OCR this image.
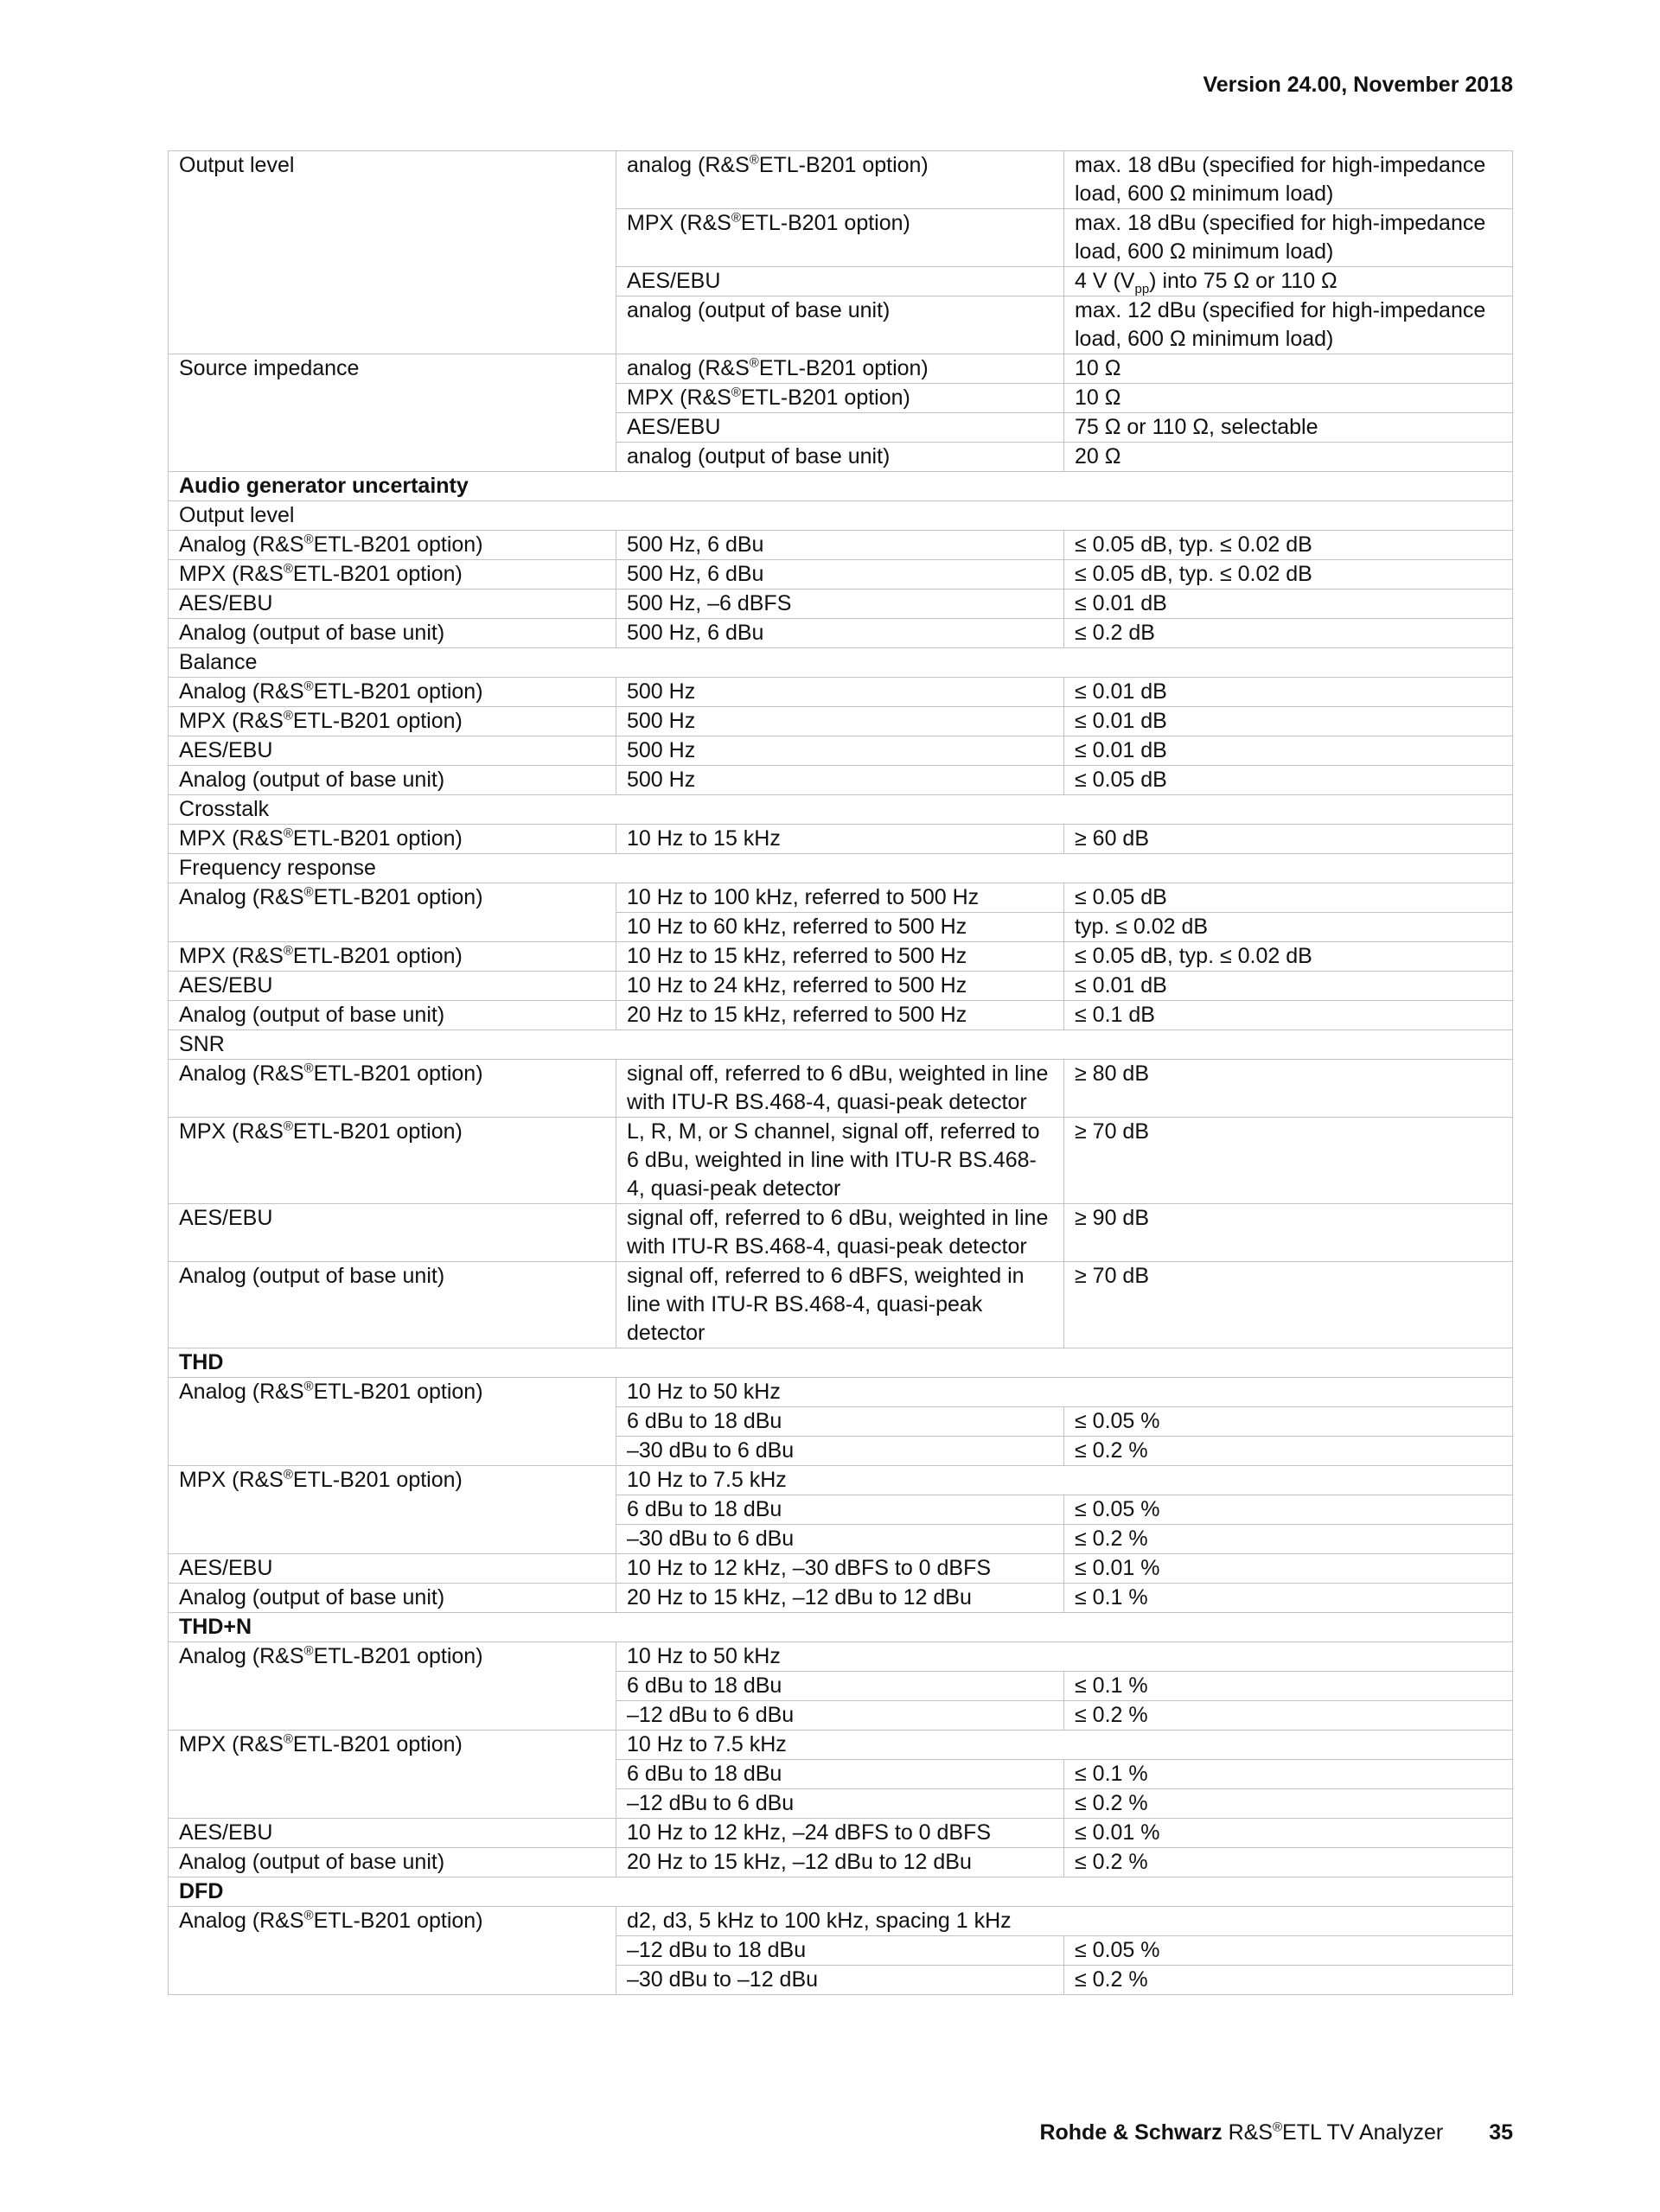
Version 24.00, November 2018
Output level	analog (R&S®ETL-B201 option)	max. 18 dBu (specified for high-impedance load, 600 Ω minimum load)
	MPX (R&S®ETL-B201 option)	max. 18 dBu (specified for high-impedance load, 600 Ω minimum load)
	AES/EBU	4 V $(V_{pp})$ into 75 Ω or 110 Ω
	analog (output of base unit)	max. 12 dBu (specified for high-impedance load, 600 Ω minimum load)
Source impedance	analog (R&S®ETL-B201 option)	10 Ω
	MPX (R&S®ETL-B201 option)	10 Ω
	AES/EBU	75 Ω or 110 Ω, selectable
	analog (output of base unit)	20 Ω
Audio generator uncertainty		
Output level		
Analog (R&S®ETL-B201 option)	500 Hz, 6 dBu	≤ 0.05 dB, typ. ≤ 0.02 dB
MPX (R&S®ETL-B201 option)	500 Hz, 6 dBu	≤ 0.05 dB, typ. ≤ 0.02 dB
AES/EBU	500 Hz, –6 dBFS	≤ 0.01 dB
Analog (output of base unit)	500 Hz, 6 dBu	≤ 0.2 dB
Balance		
Analog (R&S®ETL-B201 option)	500 Hz	≤ 0.01 dB
MPX (R&S®ETL-B201 option)	500 Hz	≤ 0.01 dB
AES/EBU	500 Hz	≤ 0.01 dB
Analog (output of base unit)	500 Hz	≤ 0.05 dB
Crosstalk		
MPX (R&S®ETL-B201 option)	10 Hz to 15 kHz	≥ 60 dB
Frequency response		
Analog (R&S®ETL-B201 option)	10 Hz to 100 kHz, referred to 500 Hz	≤ 0.05 dB
	10 Hz to 60 kHz, referred to 500 Hz	typ. ≤ 0.02 dB
MPX (R&S®ETL-B201 option)	10 Hz to 15 kHz, referred to 500 Hz	≤ 0.05 dB, typ. ≤ 0.02 dB
AES/EBU	10 Hz to 24 kHz, referred to 500 Hz	≤ 0.01 dB
Analog (output of base unit)	20 Hz to 15 kHz, referred to 500 Hz	≤ 0.1 dB
SNR		
Analog (R&S®ETL-B201 option)	signal off, referred to 6 dBu, weighted in line with ITU-R BS.468-4, quasi-peak detector	≥ 80 dB
MPX (R&S®ETL-B201 option)	L, R, M, or S channel, signal off, referred to 6 dBu, weighted in line with ITU-R BS.468-4, quasi-peak detector	≥ 70 dB
AES/EBU	signal off, referred to 6 dBu, weighted in line with ITU-R BS.468-4, quasi-peak detector	≥ 90 dB
Analog (output of base unit)	signal off, referred to 6 dBFS, weighted in line with ITU-R BS.468-4, quasi-peak detector	≥ 70 dB
THD		
Analog (R&S®ETL-B201 option)	10 Hz to 50 kHz	
	6 dBu to 18 dBu	≤ 0.05 %
	–30 dBu to 6 dBu	≤ 0.2 %
MPX (R&S®ETL-B201 option)	10 Hz to 7.5 kHz	
	6 dBu to 18 dBu	≤ 0.05 %
	–30 dBu to 6 dBu	≤ 0.2 %
AES/EBU	10 Hz to 12 kHz, –30 dBFS to 0 dBFS	≤ 0.01 %
Analog (output of base unit)	20 Hz to 15 kHz, –12 dBu to 12 dBu	≤ 0.1 %
THD+N		
Analog (R&S®ETL-B201 option)	10 Hz to 50 kHz	
	6 dBu to 18 dBu	≤ 0.1 %
	–12 dBu to 6 dBu	≤ 0.2 %
MPX (R&S®ETL-B201 option)	10 Hz to 7.5 kHz	
	6 dBu to 18 dBu	≤ 0.1 %
	–12 dBu to 6 dBu	≤ 0.2 %
AES/EBU	10 Hz to 12 kHz, –24 dBFS to 0 dBFS	≤ 0.01 %
Analog (output of base unit)	20 Hz to 15 kHz, –12 dBu to 12 dBu	≤ 0.2 %
DFD		
Analog (R&S®ETL-B201 option)	d2, d3, 5 kHz to 100 kHz, spacing 1 kHz	
	–12 dBu to 18 dBu	≤ 0.05 %
	–30 dBu to –12 dBu	≤ 0.2 %
Rohde & Schwarz R&S®ETL TV Analyzer 35
